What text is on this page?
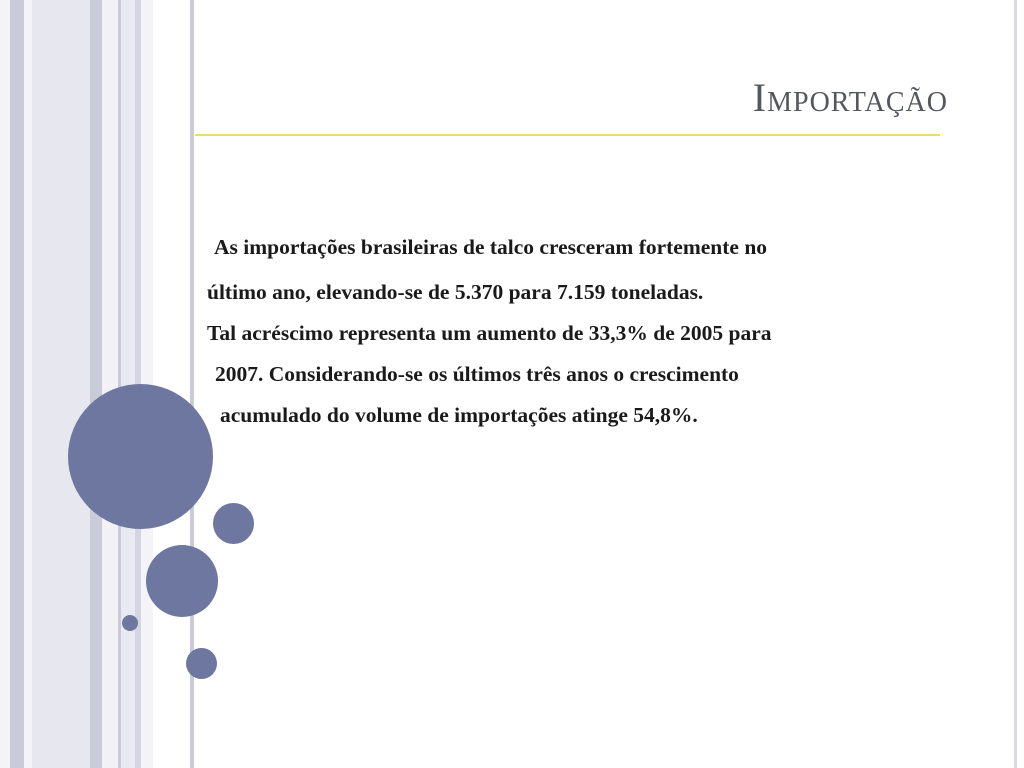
Importação
As importações brasileiras de talco cresceram fortemente no
último ano, elevando-se de 5.370 para 7.159 toneladas.
Tal acréscimo representa um aumento de 33,3% de 2005 para
2007. Considerando-se os últimos três anos o crescimento
acumulado do volume de importações atinge 54,8%.
